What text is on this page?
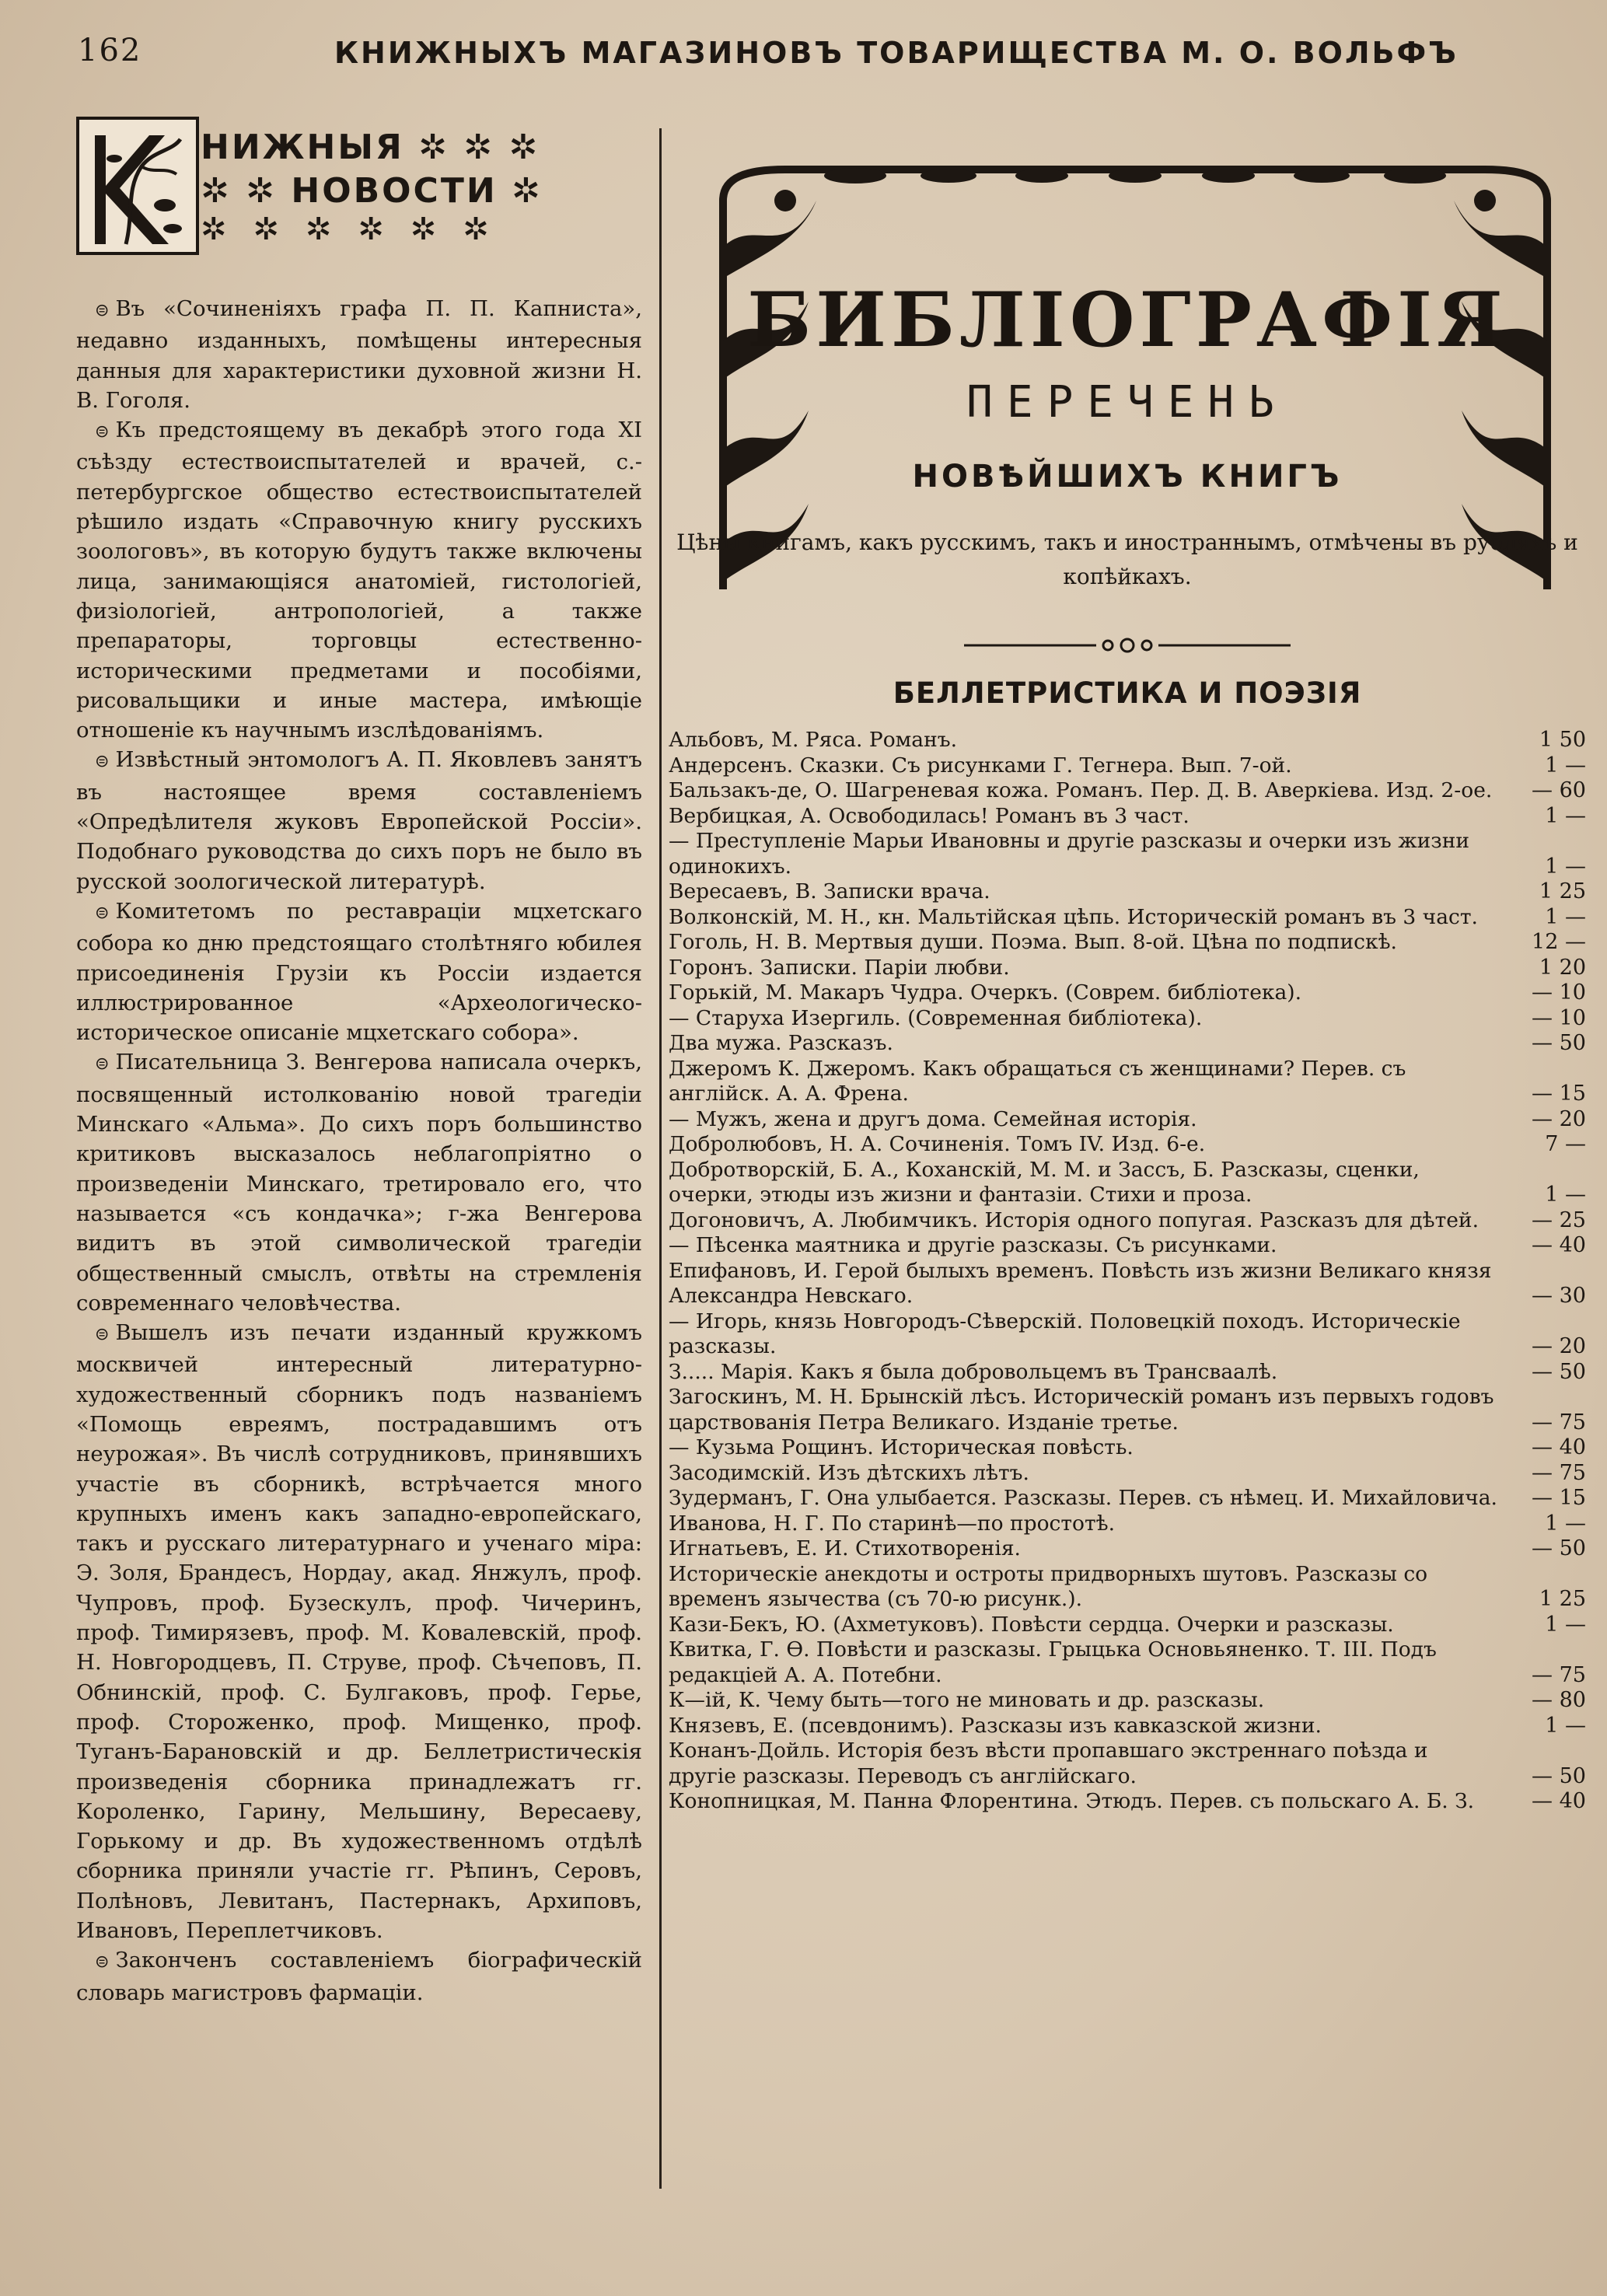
162	КНИЖНЫХЪ МАГАЗИНОВЪ ТОВАРИЩЕСТВА М. О. ВОЛЬФЪ
НИЖНЫЯ ✲ ✲ ✲
✲ ✲ НОВОСТИ ✲
✲ ✲ ✲ ✲ ✲ ✲

⊜ Въ «Сочиненіяхъ графа П. П. Капниста», недавно изданныхъ, помѣщены интересныя данныя для характеристики духовной жизни Н. В. Гоголя.

⊜ Къ предстоящему въ декабрѣ этого года XI съѣзду естествоиспытателей и врачей, с.-петербургское общество естествоиспытателей рѣшило издать «Справочную книгу русскихъ зоологовъ», въ которую будутъ также включены лица, занимающіяся анатоміей, гистологіей, физіологіей, антропологіей, а также препараторы, торговцы естественно-историческими предметами и пособіями, рисовальщики и иные мастера, имѣющіе отношеніе къ научнымъ изслѣдованіямъ.

⊜ Извѣстный энтомологъ А. П. Яковлевъ занятъ въ настоящее время составленіемъ «Опредѣлителя жуковъ Европейской Россіи». Подобнаго руководства до сихъ поръ не было въ русской зоологической литературѣ.

⊜ Комитетомъ по реставраціи мцхетскаго собора ко дню предстоящаго столѣтняго юбилея присоединенія Грузіи къ Россіи издается иллюстрированное «Археологическо-историческое описаніе мцхетскаго собора».

⊜ Писательница З. Венгерова написала очеркъ, посвященный истолкованію новой трагедіи Минскаго «Альма». До сихъ поръ большинство критиковъ высказалось неблагопріятно о произведеніи Минскаго, третировало его, что называется «съ кондачка»; г-жа Венгерова видитъ въ этой символической трагедіи общественный смыслъ, отвѣты на стремленія современнаго человѣчества.

⊜ Вышелъ изъ печати изданный кружкомъ москвичей интересный литературно-художественный сборникъ подъ названіемъ «Помощь евреямъ, пострадавшимъ отъ неурожая». Въ числѣ сотрудниковъ, принявшихъ участіе въ сборникѣ, встрѣчается много крупныхъ именъ какъ западно-европейскаго, такъ и русскаго литературнаго и ученаго міра: Э. Золя, Брандесъ, Нордау, акад. Янжулъ, проф. Чупровъ, проф. Бузескулъ, проф. Чичеринъ, проф. Тимирязевъ, проф. М. Ковалевскій, проф. Н. Новгородцевъ, П. Струве, проф. Сѣчеповъ, П. Обнинскій, проф. С. Булгаковъ, проф. Герье, проф. Стороженко, проф. Мищенко, проф. Туганъ-Барановскій и др. Беллетристическія произведенія сборника принадлежатъ гг. Короленко, Гарину, Мельшину, Вересаеву, Горькому и др. Въ художественномъ отдѣлѣ сборника приняли участіе гг. Рѣпинъ, Серовъ, Полѣновъ, Левитанъ, Пастернакъ, Архиповъ, Ивановъ, Переплетчиковъ.

⊜ Законченъ составленіемъ біографическій словарь магистровъ фармаціи.

БИБЛІОГРАФІЯ
ПЕРЕЧЕНЬ
НОВѢЙШИХЪ КНИГЪ
Цѣны книгамъ, какъ русскимъ, такъ и иностраннымъ, отмѣчены въ рубляхъ и копѣйкахъ.
БЕЛЛЕТРИСТИКА И ПОЭЗІЯ
Альбовъ, М. Ряса. Романъ.	1 50
Андерсенъ. Сказки. Съ рисунками Г. Тегнера. Вып. 7-ой.	1 —
Бальзакъ-де, О. Шагреневая кожа. Романъ. Пер. Д. В. Аверкіева. Изд. 2-ое.	— 60
Вербицкая, А. Освободилась! Романъ въ 3 част.	1 —
— Преступленіе Марьи Ивановны и другіе разсказы и очерки изъ жизни одинокихъ.	1 —
Вересаевъ, В. Записки врача.	1 25
Волконскій, М. Н., кн. Мальтійская цѣпь. Историческій романъ въ 3 част.	1 —
Гоголь, Н. В. Мертвыя души. Поэма. Вып. 8-ой. Цѣна по подпискѣ.	12 —
Горонъ. Записки. Паріи любви.	1 20
Горькій, М. Макаръ Чудра. Очеркъ. (Соврем. библіотека).	— 10
— Старуха Изергиль. (Современная библіотека).	— 10
Два мужа. Разсказъ.	— 50
Джеромъ К. Джеромъ. Какъ обращаться съ женщинами? Перев. съ англійск. А. А. Френа.	— 15
— Мужъ, жена и другъ дома. Семейная исторія.	— 20
Добролюбовъ, Н. А. Сочиненія. Томъ IV. Изд. 6-е.	7 —
Добротворскій, Б. А., Коханскій, М. М. и Зассъ, Б. Разсказы, сценки, очерки, этюды изъ жизни и фантазіи. Стихи и проза.	1 —
Догоновичъ, А. Любимчикъ. Исторія одного попугая. Разсказъ для дѣтей.	— 25
— Пѣсенка маятника и другіе разсказы. Съ рисунками.	— 40
Епифановъ, И. Герой былыхъ временъ. Повѣсть изъ жизни Великаго князя Александра Невскаго.	— 30
— Игорь, князь Новгородъ-Сѣверскій. Половецкій походъ. Историческіе разсказы.	— 20
З..... Марія. Какъ я была добровольцемъ въ Трансваалѣ.	— 50
Загоскинъ, М. Н. Брынскій лѣсъ. Историческій романъ изъ первыхъ годовъ царствованія Петра Великаго. Изданіе третье.	— 75
— Кузьма Рощинъ. Историческая повѣсть.	— 40
Засодимскій. Изъ дѣтскихъ лѣтъ.	— 75
Зудерманъ, Г. Она улыбается. Разсказы. Перев. съ нѣмец. И. Михайловича.	— 15
Иванова, Н. Г. По старинѣ—по простотѣ.	1 —
Игнатьевъ, Е. И. Стихотворенія.	— 50
Историческіе анекдоты и остроты придворныхъ шутовъ. Разсказы со временъ язычества (съ 70-ю рисунк.).	1 25
Кази-Бекъ, Ю. (Ахметуковъ). Повѣсти сердца. Очерки и разсказы.	1 —
Квитка, Г. Ѳ. Повѣсти и разсказы. Грыцька Основьяненко. Т. III. Подъ редакціей А. А. Потебни.	— 75
К—ій, К. Чему быть—того не миновать и др. разсказы.	— 80
Князевъ, Е. (псевдонимъ). Разсказы изъ кавказской жизни.	1 —
Конанъ-Дойль. Исторія безъ вѣсти пропавшаго экстреннаго поѣзда и другіе разсказы. Переводъ съ англійскаго.	— 50
Конопницкая, М. Панна Флорентина. Этюдъ. Перев. съ польскаго А. Б. З.	— 40
